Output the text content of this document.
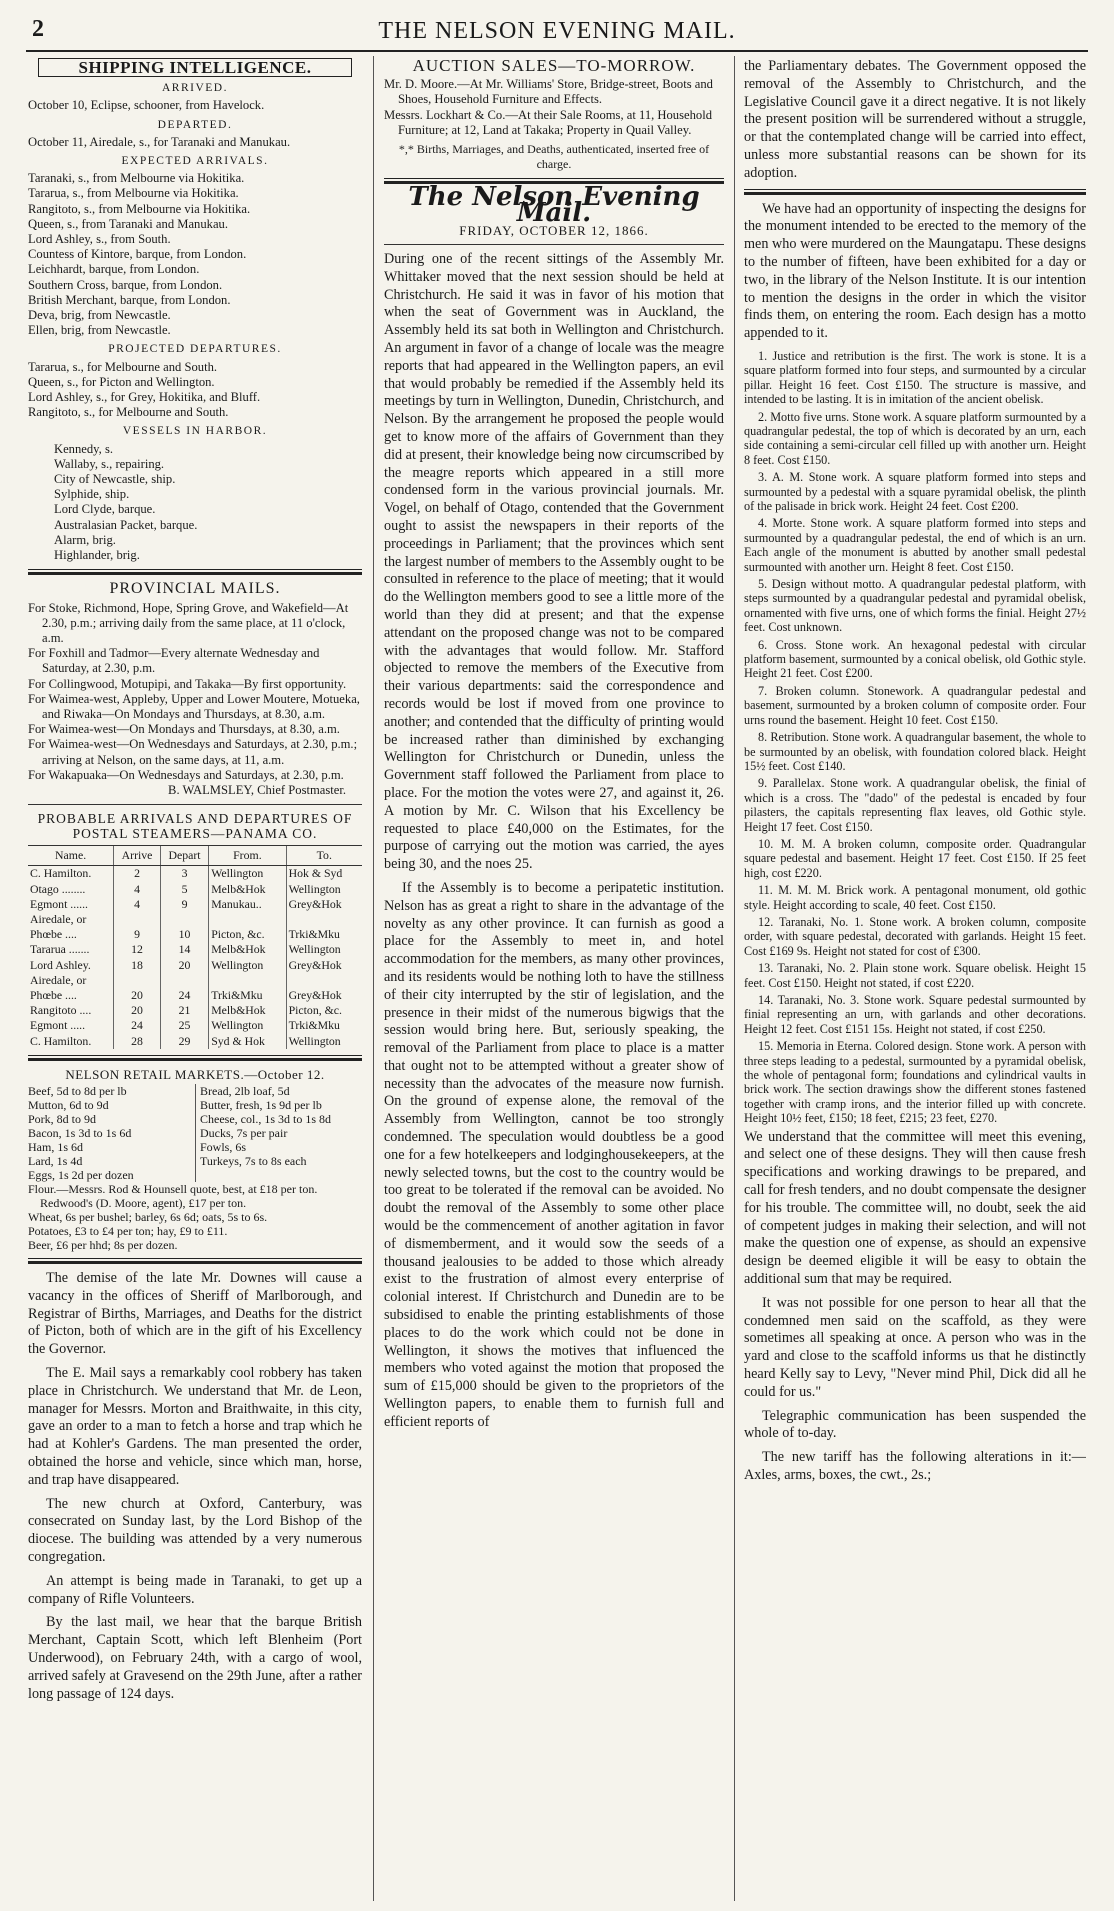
2	THE NELSON EVENING MAIL.
SHIPPING INTELLIGENCE.
ARRIVED.
October 10, Eclipse, schooner, from Havelock.
DEPARTED.
October 11, Airedale, s., for Taranaki and Manukau.
EXPECTED ARRIVALS.
Taranaki, s., from Melbourne via Hokitika.
Tararua, s., from Melbourne via Hokitika.
Rangitoto, s., from Melbourne via Hokitika.
Queen, s., from Taranaki and Manukau.
Lord Ashley, s., from South.
Countess of Kintore, barque, from London.
Leichhardt, barque, from London.
Southern Cross, barque, from London.
British Merchant, barque, from London.
Deva, brig, from Newcastle.
Ellen, brig, from Newcastle.
PROJECTED DEPARTURES.
Tararua, s., for Melbourne and South.
Queen, s., for Picton and Wellington.
Lord Ashley, s., for Grey, Hokitika, and Bluff.
Rangitoto, s., for Melbourne and South.
VESSELS IN HARBOR.
Kennedy, s.
Wallaby, s., repairing.
City of Newcastle, ship.
Sylphide, ship.
Lord Clyde, barque.
Australasian Packet, barque.
Alarm, brig.
Highlander, brig.
PROVINCIAL MAILS.
For Stoke, Richmond, Hope, Spring Grove, and Wakefield—At 2.30, p.m.; arriving daily from the same place, at 11 o'clock, a.m.
For Foxhill and Tadmor—Every alternate Wednesday and Saturday, at 2.30, p.m.
For Collingwood, Motupipi, and Takaka—By first opportunity.
For Waimea-west, Appleby, Upper and Lower Moutere, Motueka, and Riwaka—On Mondays and Thursdays, at 8.30, a.m.
For Waimea-west—On Mondays and Thursdays, at 8.30, a.m.
For Waimea-west—On Wednesdays and Saturdays, at 2.30, p.m.; arriving at Nelson, on the same days, at 11, a.m.
For Wakapuaka—On Wednesdays and Saturdays, at 2.30, p.m.
B. WALMSLEY, Chief Postmaster.
PROBABLE ARRIVALS AND DEPARTURES OF POSTAL STEAMERS—PANAMA CO.
Name.	Arrive	Depart	From.	To.
C. Hamilton.	2	3	Wellington	Hok & Syd
Otago ........	4	5	Melb&Hok	Wellington
Egmont ......	4	9	Manukau..	Grey&Hok
Airedale, or				
Phœbe ....	9	10	Picton, &c.	Trki&Mku
Tararua .......	12	14	Melb&Hok	Wellington
Lord Ashley.	18	20	Wellington	Grey&Hok
Airedale, or				
Phœbe ....	20	24	Trki&Mku	Grey&Hok
Rangitoto ....	20	21	Melb&Hok	Picton, &c.
Egmont .....	24	25	Wellington	Trki&Mku
C. Hamilton.	28	29	Syd & Hok	Wellington
NELSON RETAIL MARKETS.—October 12.
Beef, 5d to 8d per lb
Mutton, 6d to 9d
Pork, 8d to 9d
Bacon, 1s 3d to 1s 6d
Ham, 1s 6d
Lard, 1s 4d
Eggs, 1s 2d per dozen
Bread, 2lb loaf, 5d
Butter, fresh, 1s 9d per lb
Cheese, col., 1s 3d to 1s 8d
Ducks, 7s per pair
Fowls, 6s
Turkeys, 7s to 8s each
Flour.—Messrs. Rod & Hounsell quote, best, at £18 per ton. Redwood's (D. Moore, agent), £17 per ton.
Wheat, 6s per bushel; barley, 6s 6d; oats, 5s to 6s.
Potatoes, £3 to £4 per ton; hay, £9 to £11.
Beer, £6 per hhd; 8s per dozen.

The demise of the late Mr. Downes will cause a vacancy in the offices of Sheriff of Marlborough, and Registrar of Births, Marriages, and Deaths for the district of Picton, both of which are in the gift of his Excellency the Governor.

The E. Mail says a remarkably cool robbery has taken place in Christchurch. We understand that Mr. de Leon, manager for Messrs. Morton and Braithwaite, in this city, gave an order to a man to fetch a horse and trap which he had at Kohler's Gardens. The man presented the order, obtained the horse and vehicle, since which man, horse, and trap have disappeared.

The new church at Oxford, Canterbury, was consecrated on Sunday last, by the Lord Bishop of the diocese. The building was attended by a very numerous congregation.

An attempt is being made in Taranaki, to get up a company of Rifle Volunteers.

By the last mail, we hear that the barque British Merchant, Captain Scott, which left Blenheim (Port Underwood), on February 24th, with a cargo of wool, arrived safely at Gravesend on the 29th June, after a rather long passage of 124 days.

AUCTION SALES—TO-MORROW.
Mr. D. Moore.—At Mr. Williams' Store, Bridge-street, Boots and Shoes, Household Furniture and Effects.
Messrs. Lockhart & Co.—At their Sale Rooms, at 11, Household Furniture; at 12, Land at Takaka; Property in Quail Valley.
*,* Births, Marriages, and Deaths, authenticated, inserted free of charge.
The Nelson Evening Mail.
FRIDAY, OCTOBER 12, 1866.

During one of the recent sittings of the Assembly Mr. Whittaker moved that the next session should be held at Christchurch. He said it was in favor of his motion that when the seat of Government was in Auckland, the Assembly held its sat both in Wellington and Christchurch. An argument in favor of a change of locale was the meagre reports that had appeared in the Wellington papers, an evil that would probably be remedied if the Assembly held its meetings by turn in Wellington, Dunedin, Christchurch, and Nelson. By the arrangement he proposed the people would get to know more of the affairs of Government than they did at present, their knowledge being now circumscribed by the meagre reports which appeared in a still more condensed form in the various provincial journals. Mr. Vogel, on behalf of Otago, contended that the Government ought to assist the newspapers in their reports of the proceedings in Parliament; that the provinces which sent the largest number of members to the Assembly ought to be consulted in reference to the place of meeting; that it would do the Wellington members good to see a little more of the world than they did at present; and that the expense attendant on the proposed change was not to be compared with the advantages that would follow. Mr. Stafford objected to remove the members of the Executive from their various departments: said the correspondence and records would be lost if moved from one province to another; and contended that the difficulty of printing would be increased rather than diminished by exchanging Wellington for Christchurch or Dunedin, unless the Government staff followed the Parliament from place to place. For the motion the votes were 27, and against it, 26. A motion by Mr. C. Wilson that his Excellency be requested to place £40,000 on the Estimates, for the purpose of carrying out the motion was carried, the ayes being 30, and the noes 25.

If the Assembly is to become a peripatetic institution. Nelson has as great a right to share in the advantage of the novelty as any other province. It can furnish as good a place for the Assembly to meet in, and hotel accommodation for the members, as many other provinces, and its residents would be nothing loth to have the stillness of their city interrupted by the stir of legislation, and the presence in their midst of the numerous bigwigs that the session would bring here. But, seriously speaking, the removal of the Parliament from place to place is a matter that ought not to be attempted without a greater show of necessity than the advocates of the measure now furnish. On the ground of expense alone, the removal of the Assembly from Wellington, cannot be too strongly condemned. The speculation would doubtless be a good one for a few hotelkeepers and lodginghousekeepers, at the newly selected towns, but the cost to the country would be too great to be tolerated if the removal can be avoided. No doubt the removal of the Assembly to some other place would be the commencement of another agitation in favor of dismemberment, and it would sow the seeds of a thousand jealousies to be added to those which already exist to the frustration of almost every enterprise of colonial interest. If Christchurch and Dunedin are to be subsidised to enable the printing establishments of those places to do the work which could not be done in Wellington, it shows the motives that influenced the members who voted against the motion that proposed the sum of £15,000 should be given to the proprietors of the Wellington papers, to enable them to furnish full and efficient reports of

the Parliamentary debates. The Government opposed the removal of the Assembly to Christchurch, and the Legislative Council gave it a direct negative. It is not likely the present position will be surrendered without a struggle, or that the contemplated change will be carried into effect, unless more substantial reasons can be shown for its adoption.

We have had an opportunity of inspecting the designs for the monument intended to be erected to the memory of the men who were murdered on the Maungatapu. These designs to the number of fifteen, have been exhibited for a day or two, in the library of the Nelson Institute. It is our intention to mention the designs in the order in which the visitor finds them, on entering the room. Each design has a motto appended to it.

1. Justice and retribution is the first. The work is stone. It is a square platform formed into four steps, and surmounted by a circular pillar. Height 16 feet. Cost £150. The structure is massive, and intended to be lasting. It is in imitation of the ancient obelisk.

2. Motto five urns. Stone work. A square platform surmounted by a quadrangular pedestal, the top of which is decorated by an urn, each side containing a semi-circular cell filled up with another urn. Height 8 feet. Cost £150.

3. A. M. Stone work. A square platform formed into steps and surmounted by a pedestal with a square pyramidal obelisk, the plinth of the palisade in brick work. Height 24 feet. Cost £200.

4. Morte. Stone work. A square platform formed into steps and surmounted by a quadrangular pedestal, the end of which is an urn. Each angle of the monument is abutted by another small pedestal surmounted with another urn. Height 8 feet. Cost £150.

5. Design without motto. A quadrangular pedestal platform, with steps surmounted by a quadrangular pedestal and pyramidal obelisk, ornamented with five urns, one of which forms the finial. Height 27½ feet. Cost unknown.

6. Cross. Stone work. An hexagonal pedestal with circular platform basement, surmounted by a conical obelisk, old Gothic style. Height 21 feet. Cost £200.

7. Broken column. Stonework. A quadrangular pedestal and basement, surmounted by a broken column of composite order. Four urns round the basement. Height 10 feet. Cost £150.

8. Retribution. Stone work. A quadrangular basement, the whole to be surmounted by an obelisk, with foundation colored black. Height 15½ feet. Cost £140.

9. Parallelax. Stone work. A quadrangular obelisk, the finial of which is a cross. The "dado" of the pedestal is encaded by four pilasters, the capitals representing flax leaves, old Gothic style. Height 17 feet. Cost £150.

10. M. M. A broken column, composite order. Quadrangular square pedestal and basement. Height 17 feet. Cost £150. If 25 feet high, cost £220.

11. M. M. M. Brick work. A pentagonal monument, old gothic style. Height according to scale, 40 feet. Cost £150.

12. Taranaki, No. 1. Stone work. A broken column, composite order, with square pedestal, decorated with garlands. Height 15 feet. Cost £169 9s. Height not stated for cost of £300.

13. Taranaki, No. 2. Plain stone work. Square obelisk. Height 15 feet. Cost £150. Height not stated, if cost £220.

14. Taranaki, No. 3. Stone work. Square pedestal surmounted by finial representing an urn, with garlands and other decorations. Height 12 feet. Cost £151 15s. Height not stated, if cost £250.

15. Memoria in Eterna. Colored design. Stone work. A person with three steps leading to a pedestal, surmounted by a pyramidal obelisk, the whole of pentagonal form; foundations and cylindrical vaults in brick work. The section drawings show the different stones fastened together with cramp irons, and the interior filled up with concrete. Height 10½ feet, £150; 18 feet, £215; 23 feet, £270.

We understand that the committee will meet this evening, and select one of these designs. They will then cause fresh specifications and working drawings to be prepared, and call for fresh tenders, and no doubt compensate the designer for his trouble. The committee will, no doubt, seek the aid of competent judges in making their selection, and will not make the question one of expense, as should an expensive design be deemed eligible it will be easy to obtain the additional sum that may be required.

It was not possible for one person to hear all that the condemned men said on the scaffold, as they were sometimes all speaking at once. A person who was in the yard and close to the scaffold informs us that he distinctly heard Kelly say to Levy, "Never mind Phil, Dick did all he could for us."

Telegraphic communication has been suspended the whole of to-day.

The new tariff has the following alterations in it:—Axles, arms, boxes, the cwt., 2s.;
